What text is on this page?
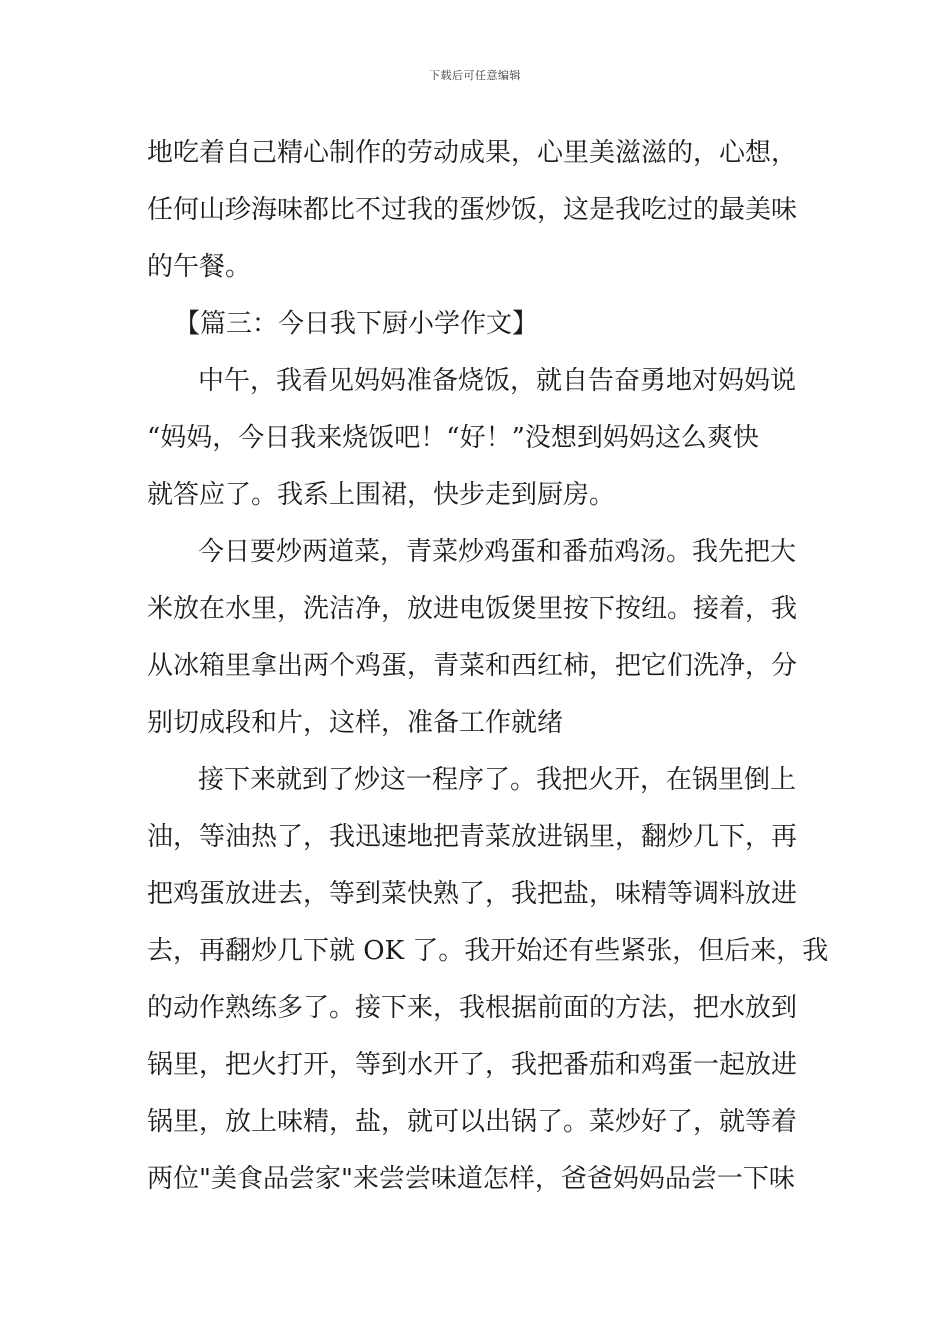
下载后可任意编辑
地吃着自己精心制作的劳动成果，心里美滋滋的，心想，
任何山珍海味都比不过我的蛋炒饭，这是我吃过的最美味
的午餐。
【篇三：今日我下厨小学作文】
中午，我看见妈妈准备烧饭，就自告奋勇地对妈妈说
“妈妈，今日我来烧饭吧！“好！”没想到妈妈这么爽快
就答应了。我系上围裙，快步走到厨房。
今日要炒两道菜，青菜炒鸡蛋和番茄鸡汤。我先把大
米放在水里，洗洁净，放进电饭煲里按下按纽。接着，我
从冰箱里拿出两个鸡蛋，青菜和西红柿，把它们洗净，分
别切成段和片，这样，准备工作就绪
接下来就到了炒这一程序了。我把火开，在锅里倒上
油，等油热了，我迅速地把青菜放进锅里，翻炒几下，再
把鸡蛋放进去，等到菜快熟了，我把盐，味精等调料放进
去，再翻炒几下就 OK 了。我开始还有些紧张，但后来，我
的动作熟练多了。接下来，我根据前面的方法，把水放到
锅里，把火打开，等到水开了，我把番茄和鸡蛋一起放进
锅里，放上味精，盐，就可以出锅了。菜炒好了，就等着
两位"美食品尝家"来尝尝味道怎样，爸爸妈妈品尝一下味
